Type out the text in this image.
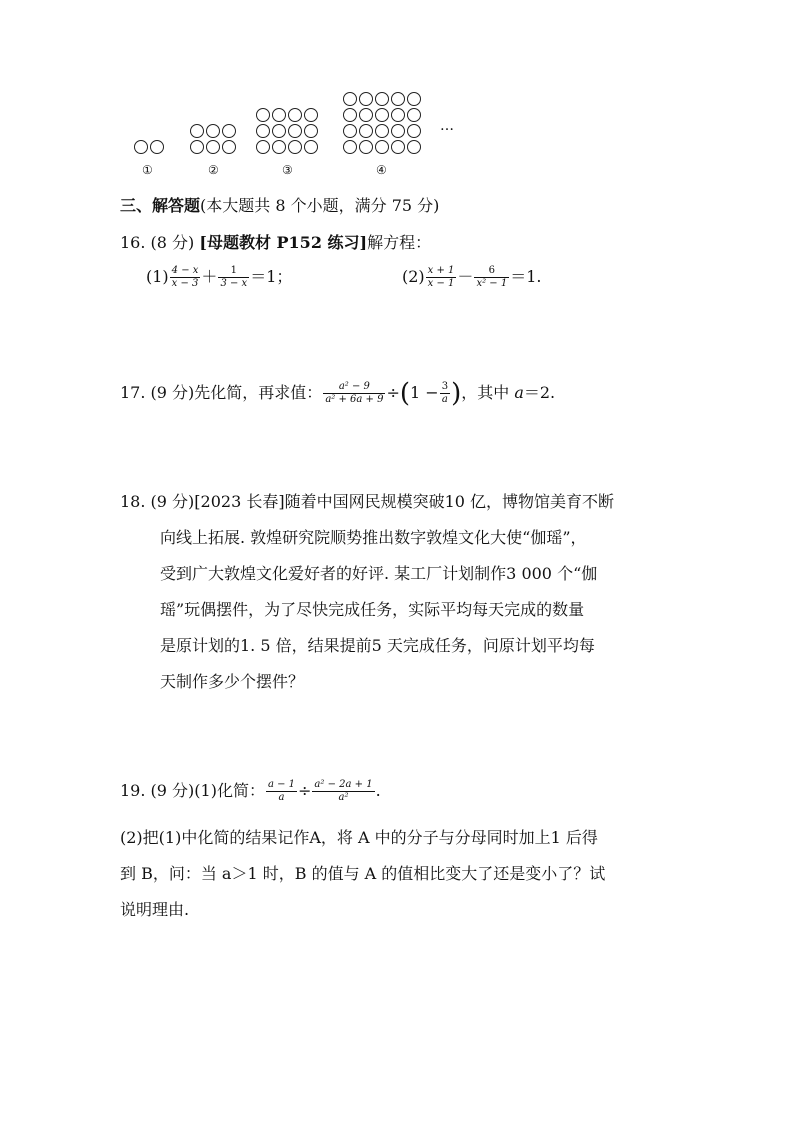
①	②	③	④
…
三、解答题(本大题共 8 个小题，满分 75 分)
16. (8 分) [母题教材 P152 练习]解方程：
$(1) \frac{4 - x}{x - 3} + \frac{1}{3 - x} =1$；	$(2) \frac{x + 1}{x - 1} - \frac{6}{\text{x² − 1}} =1$.
17. (9 分)先化简，再求值： $\frac{\text{a² − 9}}{\text{a² + 6a + 9}} \div(1 - \frac{3}{a}$ )，其中 a＝2.
18. (9 分)[2023 长春]随着中国网民规模突破10 亿，博物馆美育不断
向线上拓展. 敦煌研究院顺势推出数字敦煌文化大使“伽瑶”，
受到广大敦煌文化爱好者的好评. 某工厂计划制作3 000 个“伽
瑶”玩偶摆件，为了尽快完成任务，实际平均每天完成的数量
是原计划的1. 5 倍，结果提前5 天完成任务，问原计划平均每
天制作多少个摆件？
19. (9 分)(1)化简： $\frac{a - 1}{a} \div \frac{\text{a² − 2a + 1}}{\text{a²}}$ .
(2)把(1)中化简的结果记作A，将 A 中的分子与分母同时加上1 后得
到 B，问：当 a＞1 时，B 的值与 A 的值相比变大了还是变小了？试
说明理由.
